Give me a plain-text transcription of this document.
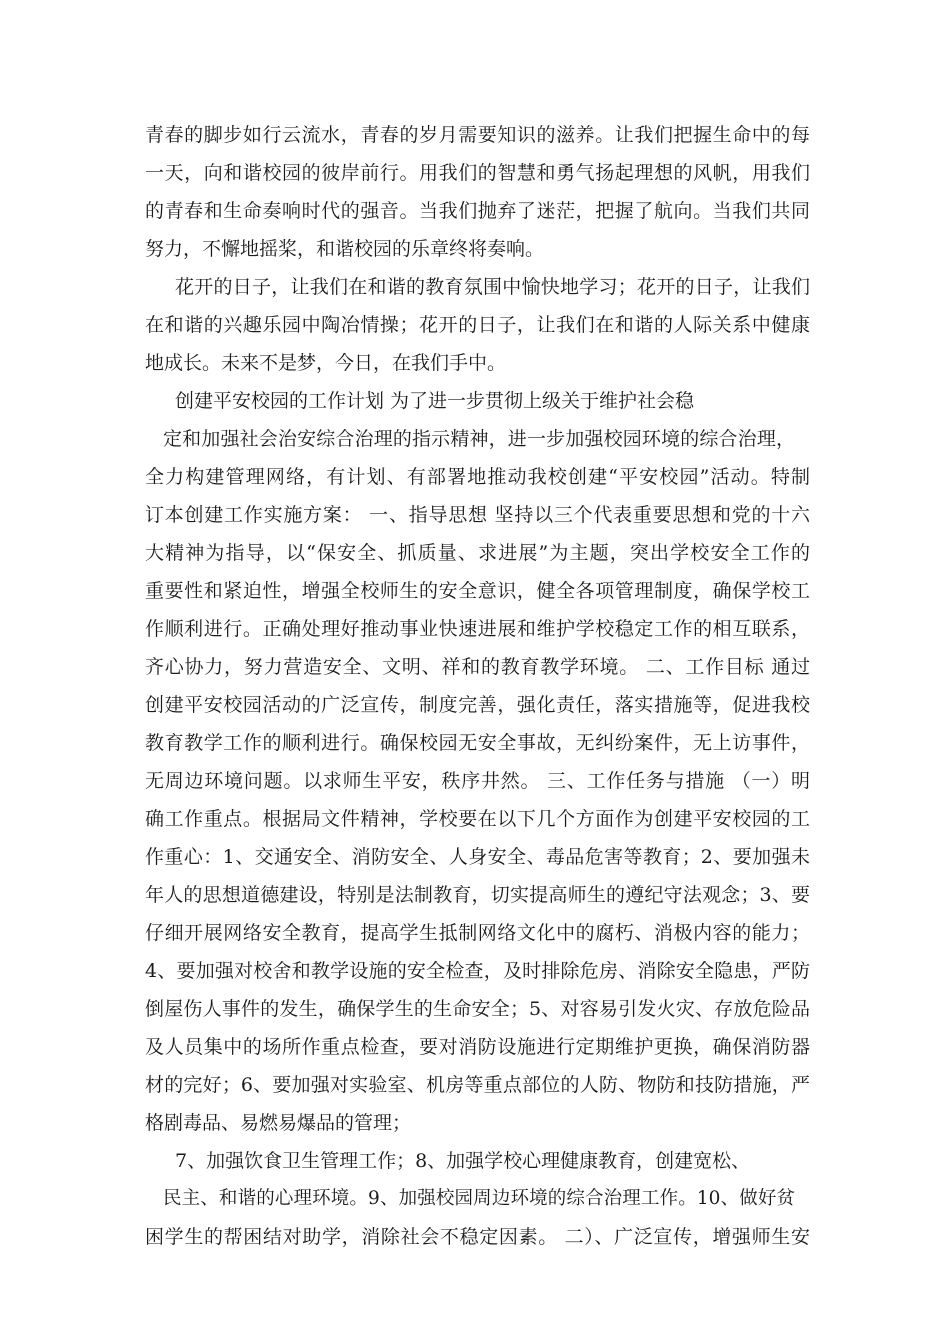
青春的脚步如行云流水，青春的岁月需要知识的滋养。让我们把握生命中的每
一天，向和谐校园的彼岸前行。用我们的智慧和勇气扬起理想的风帆，用我们
的青春和生命奏响时代的强音。当我们抛弃了迷茫，把握了航向。当我们共同
努力，不懈地摇桨，和谐校园的乐章终将奏响。
花开的日子，让我们在和谐的教育氛围中愉快地学习；花开的日子，让我们
在和谐的兴趣乐园中陶冶情操；花开的日子，让我们在和谐的人际关系中健康
地成长。未来不是梦，今日，在我们手中。
创建平安校园的工作计划 为了进一步贯彻上级关于维护社会稳
定和加强社会治安综合治理的指示精神，进一步加强校园环境的综合治理，
全力构建管理网络，有计划、有部署地推动我校创建“平安校园”活动。特制
订本创建工作实施方案： 一、指导思想 坚持以三个代表重要思想和党的十六
大精神为指导，以“保安全、抓质量、求进展”为主题，突出学校安全工作的
重要性和紧迫性，增强全校师生的安全意识，健全各项管理制度，确保学校工
作顺利进行。正确处理好推动事业快速进展和维护学校稳定工作的相互联系，
齐心协力，努力营造安全、文明、祥和的教育教学环境。 二、工作目标 通过
创建平安校园活动的广泛宣传，制度完善，强化责任，落实措施等，促进我校
教育教学工作的顺利进行。确保校园无安全事故，无纠纷案件，无上访事件，
无周边环境问题。以求师生平安，秩序井然。 三、工作任务与措施 （一）明
确工作重点。根据局文件精神，学校要在以下几个方面作为创建平安校园的工
作重心：1、交通安全、消防安全、人身安全、毒品危害等教育；2、要加强未
年人的思想道德建设，特别是法制教育，切实提高师生的遵纪守法观念；3、要
仔细开展网络安全教育，提高学生抵制网络文化中的腐朽、消极内容的能力；
4、要加强对校舍和教学设施的安全检查，及时排除危房、消除安全隐患，严防
倒屋伤人事件的发生，确保学生的生命安全；5、对容易引发火灾、存放危险品
及人员集中的场所作重点检查，要对消防设施进行定期维护更换，确保消防器
材的完好；6、要加强对实验室、机房等重点部位的人防、物防和技防措施，严
格剧毒品、易燃易爆品的管理；
7、加强饮食卫生管理工作；8、加强学校心理健康教育，创建宽松、
民主、和谐的心理环境。9、加强校园周边环境的综合治理工作。10、做好贫
困学生的帮困结对助学，消除社会不稳定因素。 二）、广泛宣传，增强师生安
